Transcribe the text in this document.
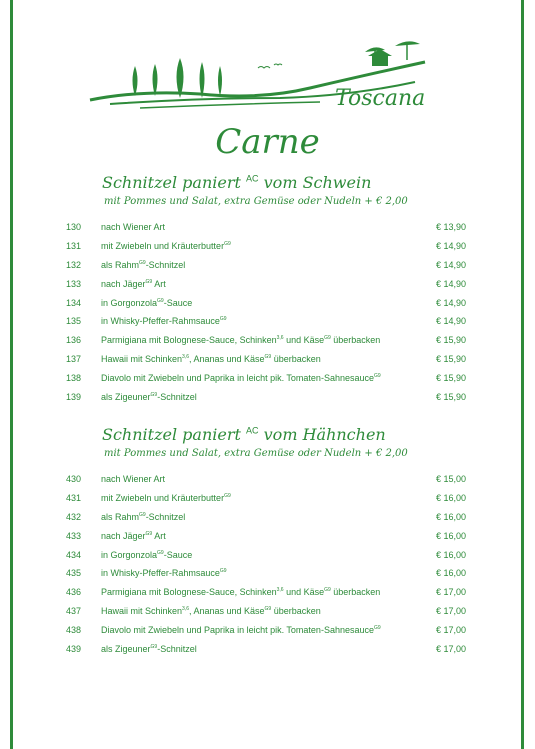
Toscana
Carne
Schnitzel paniert $^{AC}$ vom Schwein
mit Pommes und Salat, extra Gemüse oder Nudeln + € 2,00
130 nach Wiener Art	€ 13,90
131 mit Zwiebeln und Kräuterbutter$^{G9}$	€ 14,90
132 als Rahm$^{G9}$-Schnitzel	€ 14,90
133 nach Jäger$^{G9}$ Art	€ 14,90
134 in Gorgonzola$^{G9}$-Sauce	€ 14,90
135 in Whisky-Pfeffer-Rahmsauce$^{G9}$	€ 14,90
136 Parmigiana mit Bolognese-Sauce, Schinken$^{3,6}$ und Käse$^{G9}$ überbacken	€ 15,90
137 Hawaii mit Schinken$^{3,6}$, Ananas und Käse$^{G9}$ überbacken	€ 15,90
138 Diavolo mit Zwiebeln und Paprika in leicht pik. Tomaten-Sahnesauce$^{G9}$	€ 15,90
139 als Zigeuner$^{G9}$-Schnitzel	€ 15,90
Schnitzel paniert $^{AC}$ vom Hähnchen
mit Pommes und Salat, extra Gemüse oder Nudeln + € 2,00
430 nach Wiener Art	€ 15,00
431 mit Zwiebeln und Kräuterbutter$^{G9}$	€ 16,00
432 als Rahm$^{G9}$-Schnitzel	€ 16,00
433 nach Jäger$^{G9}$ Art	€ 16,00
434 in Gorgonzola$^{G9}$-Sauce	€ 16,00
435 in Whisky-Pfeffer-Rahmsauce$^{G9}$	€ 16,00
436 Parmigiana mit Bolognese-Sauce, Schinken$^{3,6}$ und Käse$^{G9}$ überbacken	€ 17,00
437 Hawaii mit Schinken$^{3,6}$, Ananas und Käse$^{G9}$ überbacken	€ 17,00
438 Diavolo mit Zwiebeln und Paprika in leicht pik. Tomaten-Sahnesauce$^{G9}$	€ 17,00
439 als Zigeuner$^{G9}$-Schnitzel	€ 17,00
